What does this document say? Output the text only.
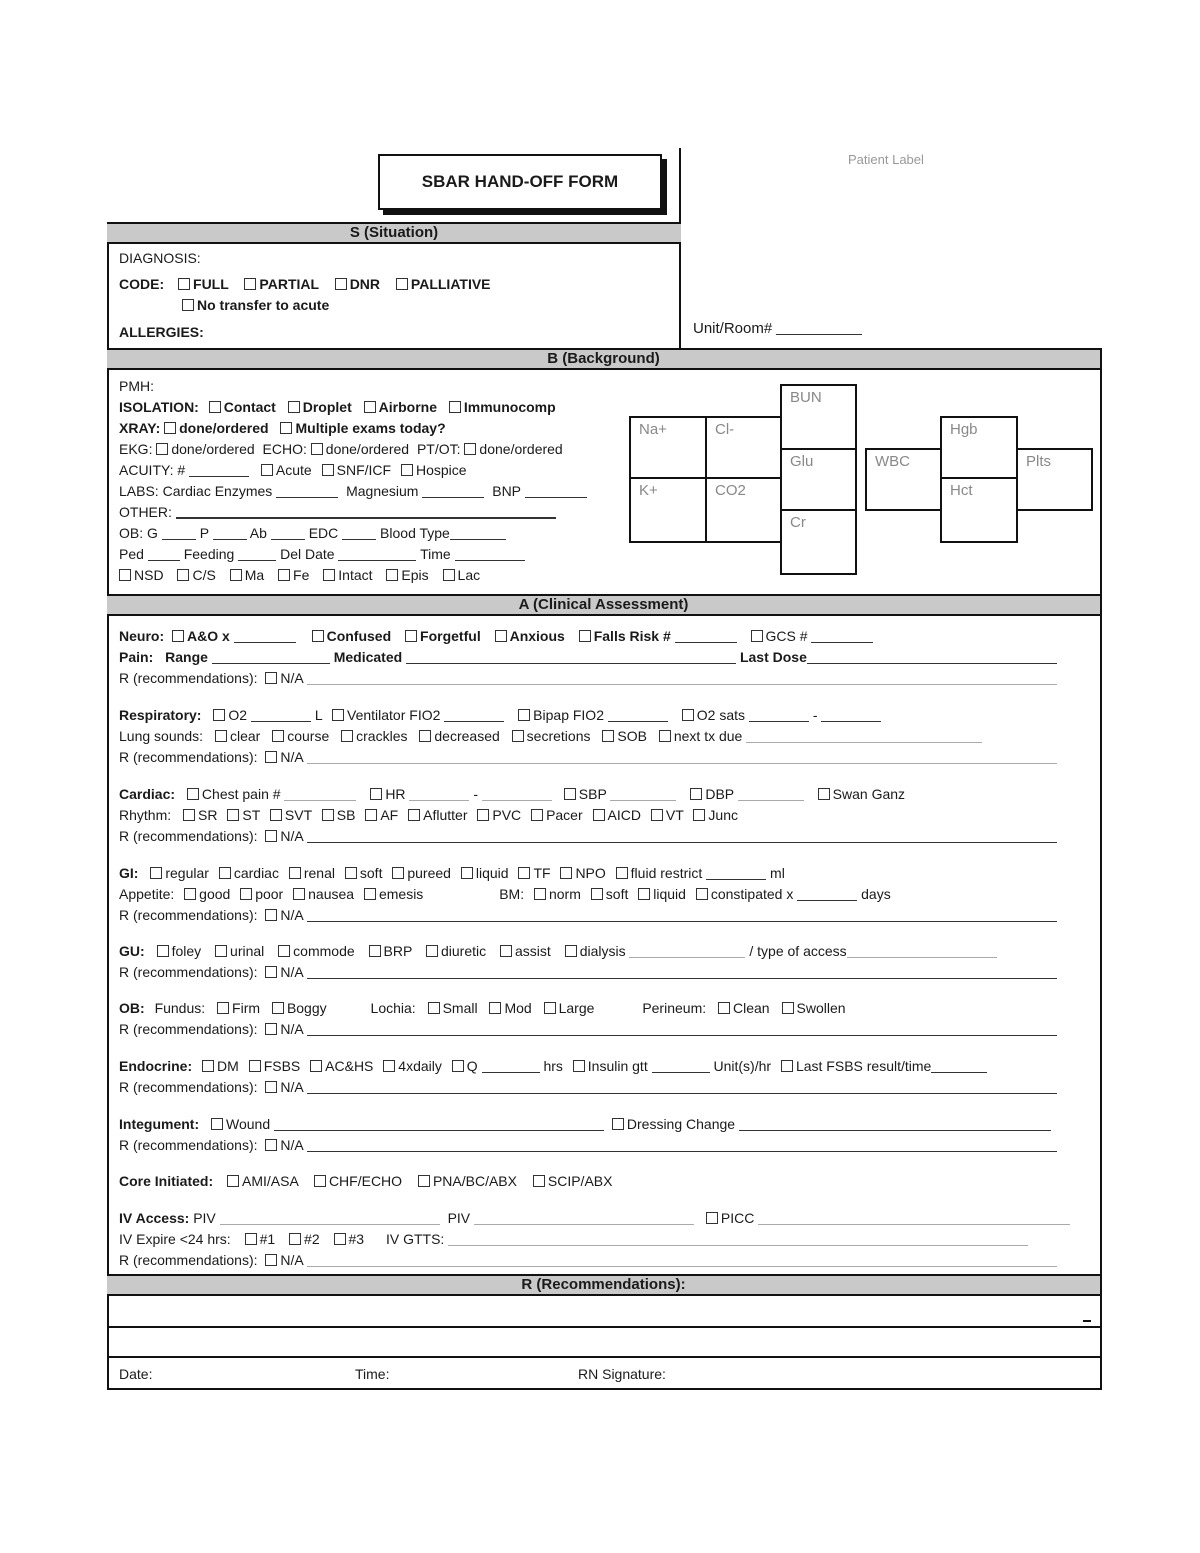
SBAR HAND-OFF FORM
Patient Label
Unit/Room#
S (Situation)
DIAGNOSIS:
CODE: FULL PARTIAL DNR PALLIATIVE
No transfer to acute
ALLERGIES:
B (Background)
PMH:
ISOLATION: Contact Droplet Airborne Immunocomp
XRAY: done/ordered Multiple exams today?
EKG: done/ordered ECHO: done/ordered PT/OT: done/ordered
ACUITY: #	Acute SNF/ICF Hospice
LABS: Cardiac Enzymes	Magnesium	BNP
OTHER:
OB: G	P	Ab	EDC	Blood Type
Ped	Feeding	Del Date	Time
NSD C/S Ma Fe Intact Epis Lac
Na+	Cl-
K+	CO2
BUN
Glu
Cr
WBC
Hgb
Hct
Plts
A (Clinical Assessment)
Neuro: A&O x	Confused Forgetful Anxious Falls Risk #	GCS #
Pain: Range	Medicated	Last Dose
R (recommendations): N/A
Respiratory: O2	L Ventilator FIO2	Bipap FIO2	O2 sats	-
Lung sounds: clear course crackles decreased secretions SOB next tx due
R (recommendations): N/A
Cardiac: Chest pain #	HR	-	SBP	DBP	Swan Ganz
Rhythm: SR ST SVT SB AF Aflutter PVC Pacer AICD VT Junc
R (recommendations): N/A
GI: regular cardiac renal soft pureed liquid TF NPO fluid restrict	ml
Appetite: good poor nausea emesis	BM: norm soft liquid constipated x	days
R (recommendations): N/A
GU: foley urinal commode BRP diuretic assist dialysis	/ type of access
R (recommendations): N/A
OB: Fundus: Firm Boggy	Lochia: Small Mod Large	Perineum: Clean Swollen
R (recommendations): N/A
Endocrine: DM FSBS AC&HS 4xdaily Q	hrs Insulin gtt	Unit(s)/hr Last FSBS result/time
R (recommendations): N/A
Integument: Wound	Dressing Change
R (recommendations): N/A
Core Initiated: AMI/ASA CHF/ECHO PNA/BC/ABX SCIP/ABX
IV Access: PIV	PIV	PICC
IV Expire <24 hrs: #1 #2 #3 IV GTTS:
R (recommendations): N/A
R (Recommendations):
Date:	Time:	RN Signature:
